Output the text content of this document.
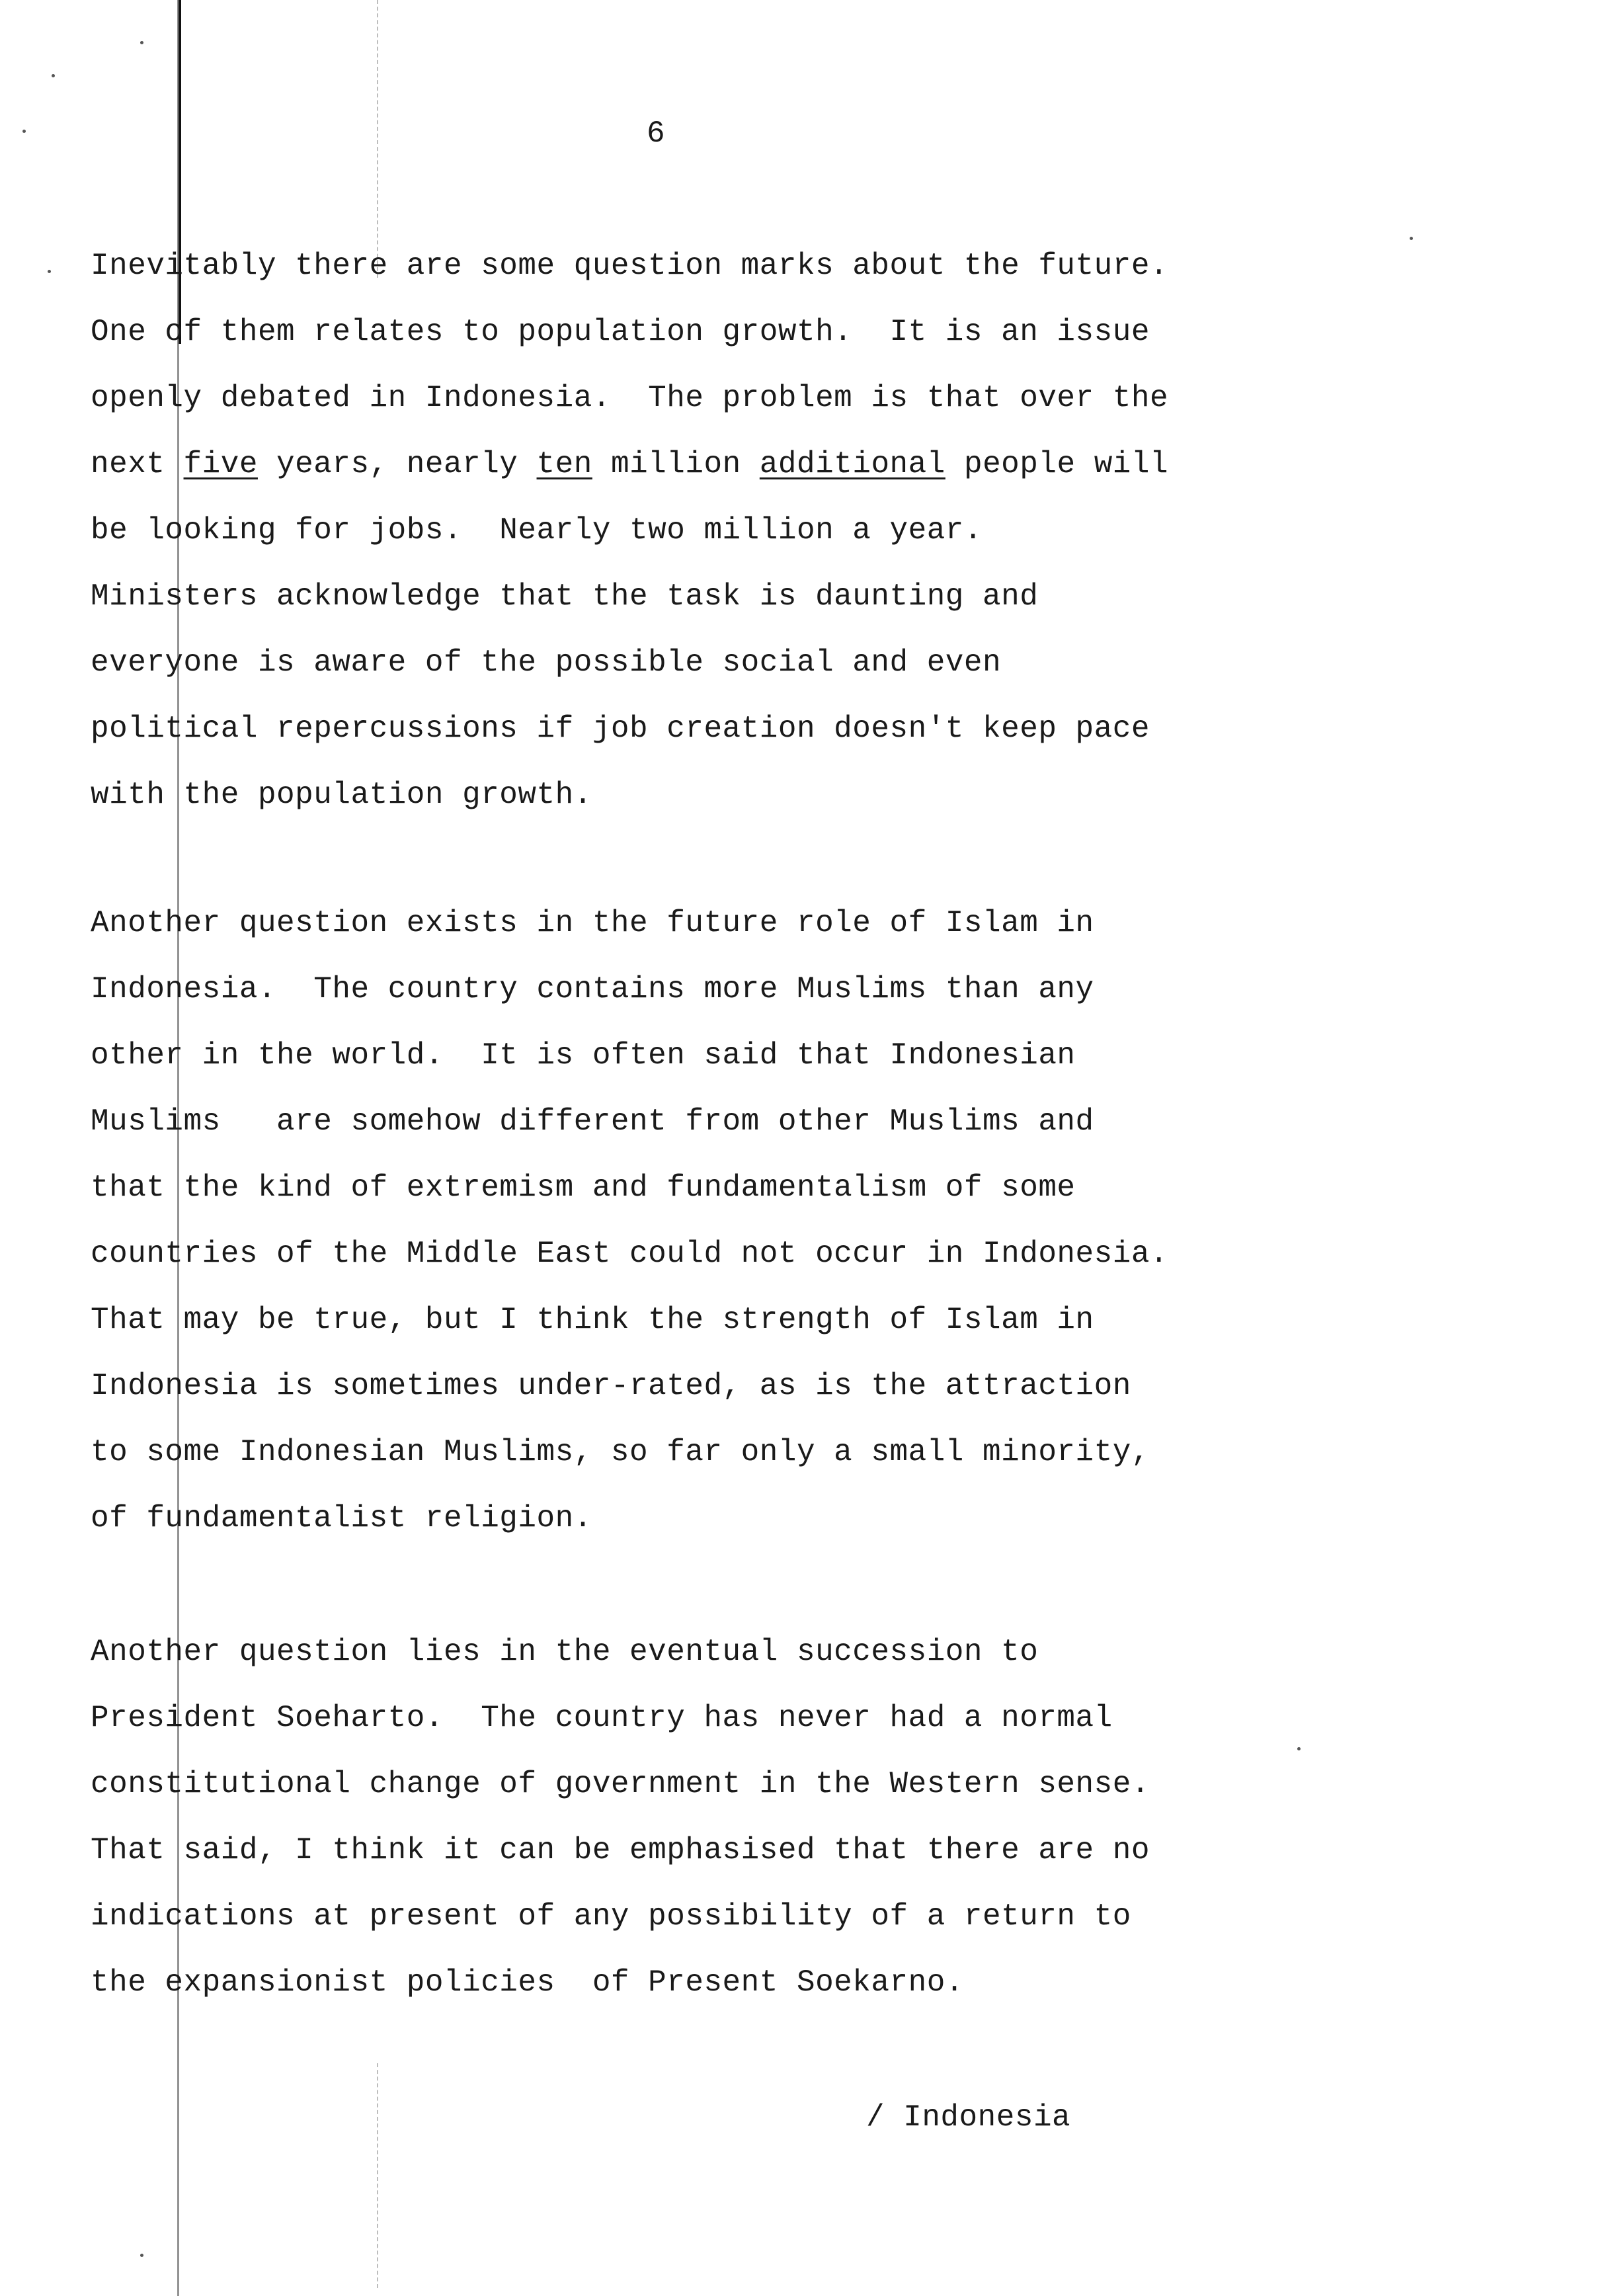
6
Inevitably there are some question marks about the future.
One of them relates to population growth.  It is an issue
openly debated in Indonesia.  The problem is that over the
next five years, nearly ten million additional people will
be looking for jobs.  Nearly two million a year.
Ministers acknowledge that the task is daunting and
everyone is aware of the possible social and even
political repercussions if job creation doesn't keep pace
with the population growth.
Another question exists in the future role of Islam in
Indonesia.  The country contains more Muslims than any
other in the world.  It is often said that Indonesian
Muslims   are somehow different from other Muslims and
that the kind of extremism and fundamentalism of some
countries of the Middle East could not occur in Indonesia.
That may be true, but I think the strength of Islam in
Indonesia is sometimes under-rated, as is the attraction
to some Indonesian Muslims, so far only a small minority,
of fundamentalist religion.
Another question lies in the eventual succession to
President Soeharto.  The country has never had a normal
constitutional change of government in the Western sense.
That said, I think it can be emphasised that there are no
indications at present of any possibility of a return to
the expansionist policies  of Present Soekarno.
/ Indonesia
